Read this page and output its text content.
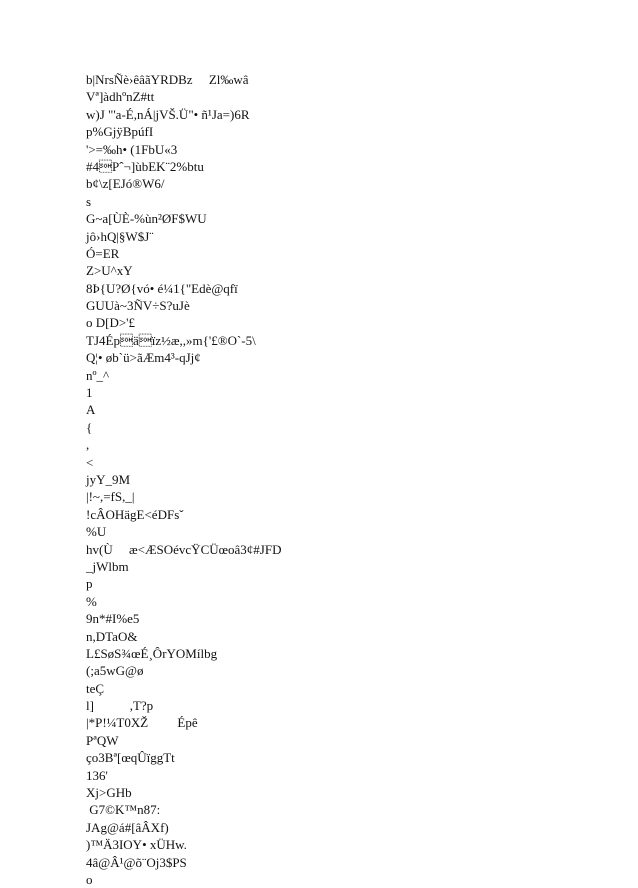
b|NrsÑè›êâãYRDBz     Zl‰wâ
Vª]àdhºnZ#tt
w)J "'a-É,nÁ|jVŠ.Ü"• ñ¹Ja=)6R
p%GjÿBpúfI
'>=‰h• (1FbU«3
#4Pˆ¬]ùbEK¨2%btu
b¢\z[EJó®W6/
s
G~a[ÙÈ-%ùn²ØF$WU
jô›hQ|§W$J¨
Ó=ER
Z>U^xY
8Þ{U?Ø{vó• é¼1{"Edè@qfï
GUUà~3ÑV÷S?uJè
o D[D>'£
TJ4Épäïz½æ,,»m{'£®O`-5\
Q¦• øb`ü>ãÆm4³-qJj¢
nº_^
1
A
{
,
<
jyY_9M
|!~,=fS,_|
!cÂOHägE<éDFsˇ
%U
hv(Ù     æ<ÆSOévcŸCÜœoâ3¢#JFD
_jWlbm
p
%
9n*#I%e5
n,DTaO&
L£SøS¾œÉ¸ÔrYOMílbg
(;a5wG@ø
teÇ
l]           ,T?p
|*P!¼T0XŽ         Épê
PªQW
ço3Bª[œqÛïggTt
136'
Xj>GHb
G7©K™n87:
JAg@á#[âÂXf)
)™Ä3IOY• xÜHw.
4â@Â¹@õ¨Oj3$PS
o
